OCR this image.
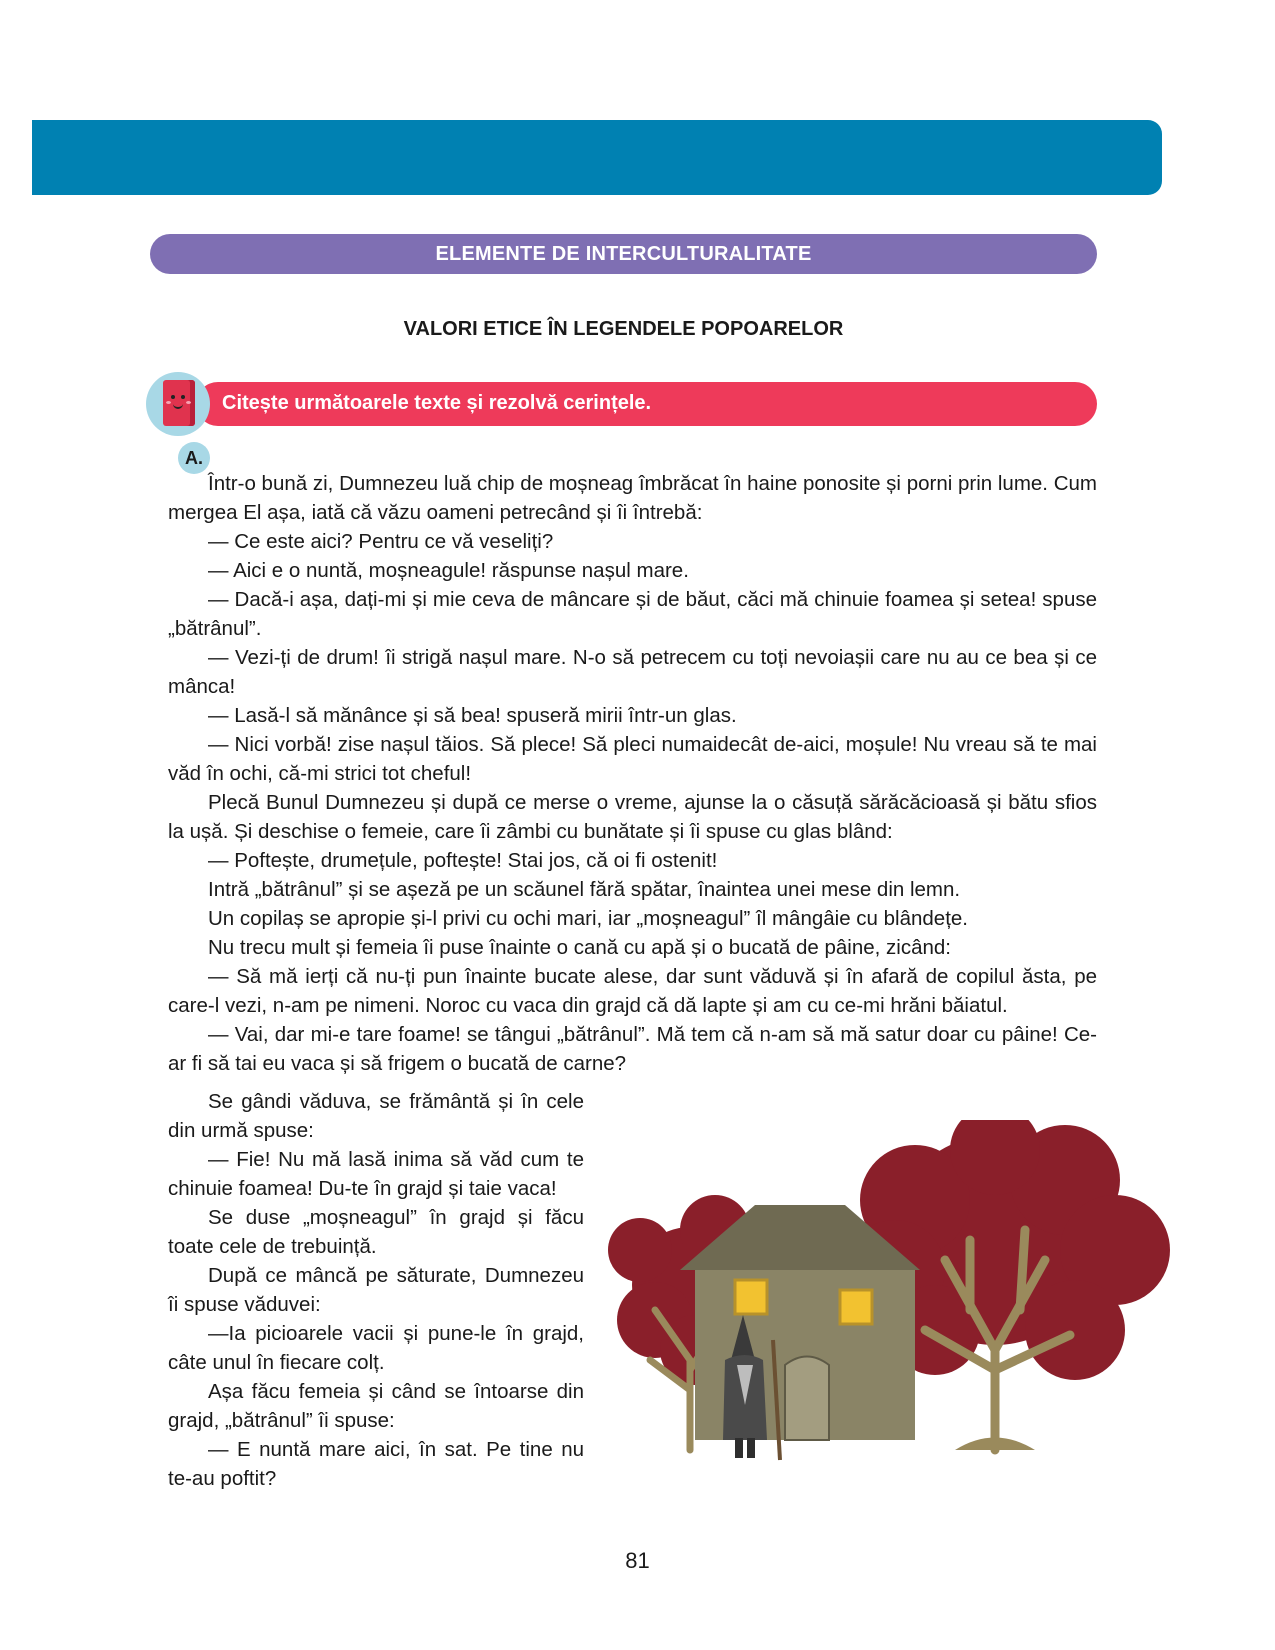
ELEMENTE DE INTERCULTURALITATE
VALORI ETICE ÎN LEGENDELE POPOARELOR
Citește următoarele texte și rezolvă cerințele.
A.

Într-o bună zi, Dumnezeu luă chip de moșneag îmbrăcat în haine ponosite și porni prin lume. Cum mergea El așa, iată că văzu oameni petrecând și îi întrebă:

— Ce este aici? Pentru ce vă veseliți?

— Aici e o nuntă, moșneagule! răspunse nașul mare.

— Dacă-i așa, dați-mi și mie ceva de mâncare și de băut, căci mă chinuie foamea și setea! spuse „bătrânul”.

— Vezi-ți de drum! îi strigă nașul mare. N-o să petrecem cu toți nevoiașii care nu au ce bea și ce mânca!

— Lasă-l să mănânce și să bea! spuseră mirii într-un glas.

— Nici vorbă! zise nașul tăios. Să plece! Să pleci numaidecât de-aici, moșule! Nu vreau să te mai văd în ochi, că-mi strici tot cheful!

Plecă Bunul Dumnezeu și după ce merse o vreme, ajunse la o căsuță sărăcăcioasă și bătu sfios la ușă. Și deschise o femeie, care îi zâmbi cu bunătate și îi spuse cu glas blând:

— Poftește, drumețule, poftește! Stai jos, că oi fi ostenit!

Intră „bătrânul” și se așeză pe un scăunel fără spătar, înaintea unei mese din lemn.

Un copilaș se apropie și-l privi cu ochi mari, iar „moșneagul” îl mângâie cu blândețe.

Nu trecu mult și femeia îi puse înainte o cană cu apă și o bucată de pâine, zicând:

— Să mă ierți că nu-ți pun înainte bucate alese, dar sunt văduvă și în afară de copilul ăsta, pe care-l vezi, n-am pe nimeni. Noroc cu vaca din grajd că dă lapte și am cu ce-mi hrăni băiatul.

— Vai, dar mi-e tare foame! se tângui „bătrânul”. Mă tem că n-am să mă satur doar cu pâine! Ce-ar fi să tai eu vaca și să frigem o bucată de carne?

Se gândi văduva, se frământă și în cele din urmă spuse:

— Fie! Nu mă lasă inima să văd cum te chinuie foamea! Du-te în grajd și taie vaca!

Se duse „moșneagul” în grajd și făcu toate cele de trebuință.

După ce mâncă pe săturate, Dumnezeu îi spuse văduvei:

—Ia picioarele vacii și pune-le în grajd, câte unul în fiecare colț.

Așa făcu femeia și când se întoarse din grajd, „bătrânul” îi spuse:

— E nuntă mare aici, în sat. Pe tine nu te-au poftit?

81
